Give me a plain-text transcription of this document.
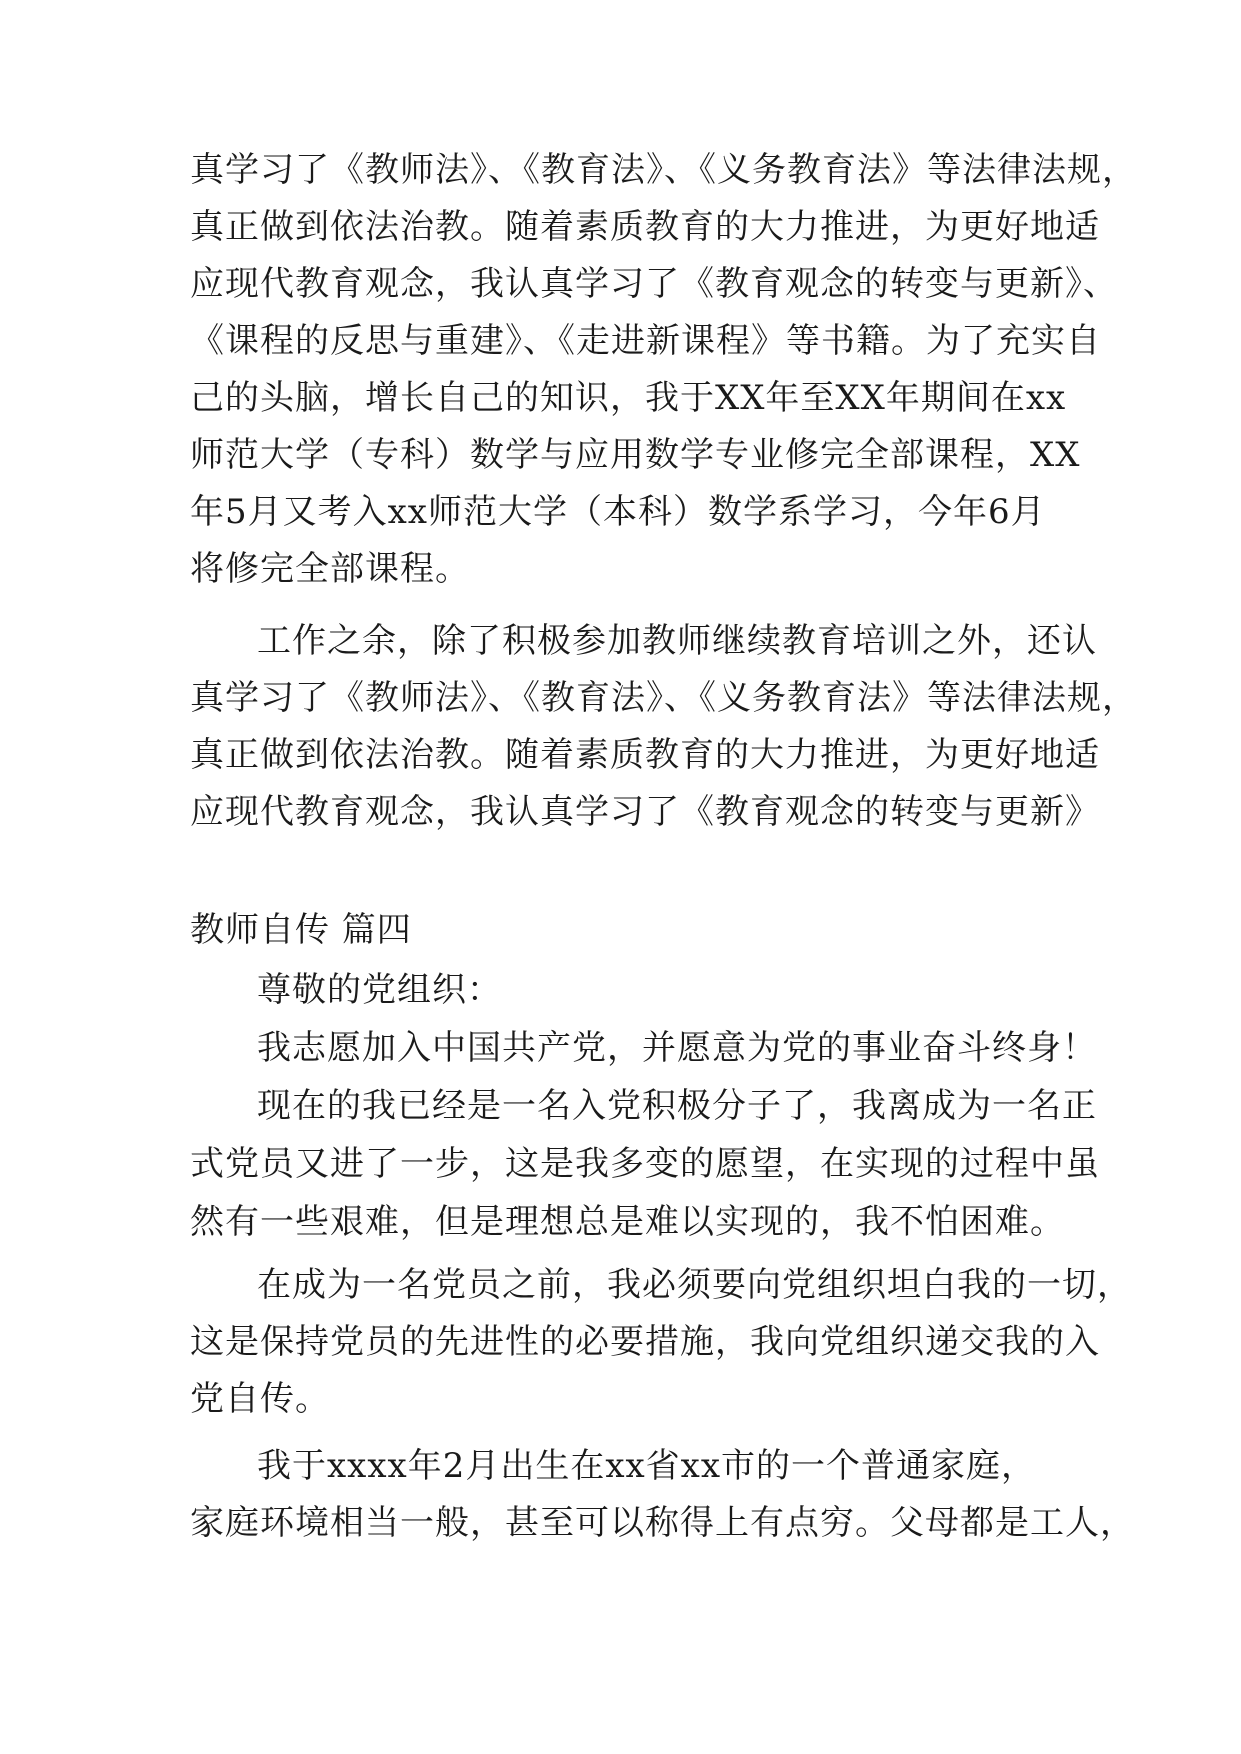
真学习了《教师法》、《教育法》、《义务教育法》等法律法规，
真正做到依法治教。随着素质教育的大力推进，为更好地适
应现代教育观念，我认真学习了《教育观念的转变与更新》、
《课程的反思与重建》、《走进新课程》等书籍。为了充实自
己的头脑，增长自己的知识，我于XX年至XX年期间在xx
师范大学（专科）数学与应用数学专业修完全部课程，XX
年5月又考入xx师范大学（本科）数学系学习，今年6月
将修完全部课程。
工作之余，除了积极参加教师继续教育培训之外，还认
真学习了《教师法》、《教育法》、《义务教育法》等法律法规，
真正做到依法治教。随着素质教育的大力推进，为更好地适
应现代教育观念，我认真学习了《教育观念的转变与更新》
教师自传 篇四
尊敬的党组织：
我志愿加入中国共产党，并愿意为党的事业奋斗终身！
现在的我已经是一名入党积极分子了，我离成为一名正
式党员又进了一步，这是我多变的愿望，在实现的过程中虽
然有一些艰难，但是理想总是难以实现的，我不怕困难。
在成为一名党员之前，我必须要向党组织坦白我的一切，
这是保持党员的先进性的必要措施，我向党组织递交我的入
党自传。
我于xxxx年2月出生在xx省xx市的一个普通家庭，
家庭环境相当一般，甚至可以称得上有点穷。父母都是工人，
